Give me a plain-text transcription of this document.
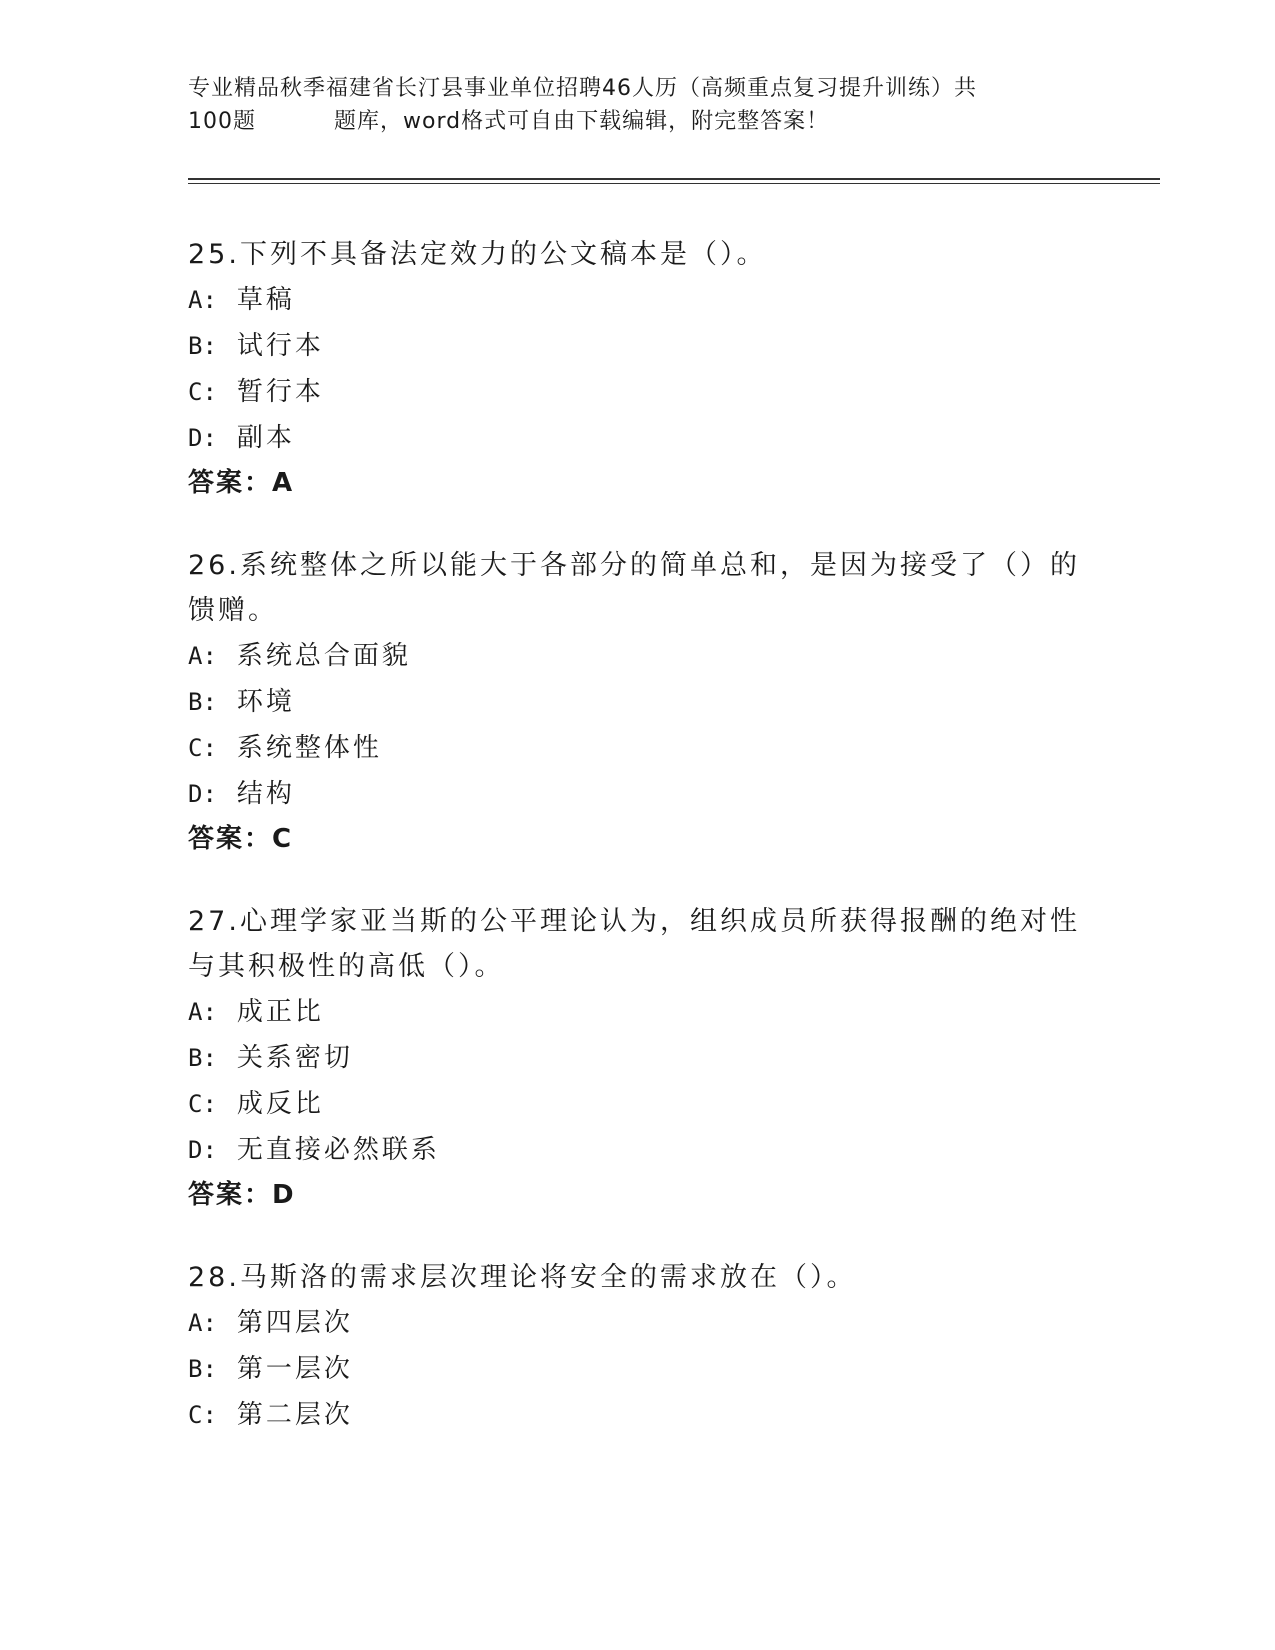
专业精品秋季福建省长汀县事业单位招聘46人历（高频重点复习提升训练）共
100题	题库，word格式可自由下载编辑，附完整答案！

25.下列不具备法定效力的公文稿本是（）。

A: 草稿
B: 试行本
C: 暂行本
D: 副本
答案：A

26.系统整体之所以能大于各部分的简单总和，是因为接受了（）的馈赠。

A: 系统总合面貌
B: 环境
C: 系统整体性
D: 结构
答案：C

27.心理学家亚当斯的公平理论认为，组织成员所获得报酬的绝对性与其积极性的高低（）。

A: 成正比
B: 关系密切
C: 成反比
D: 无直接必然联系
答案：D

28.马斯洛的需求层次理论将安全的需求放在（）。

A: 第四层次
B: 第一层次
C: 第二层次
